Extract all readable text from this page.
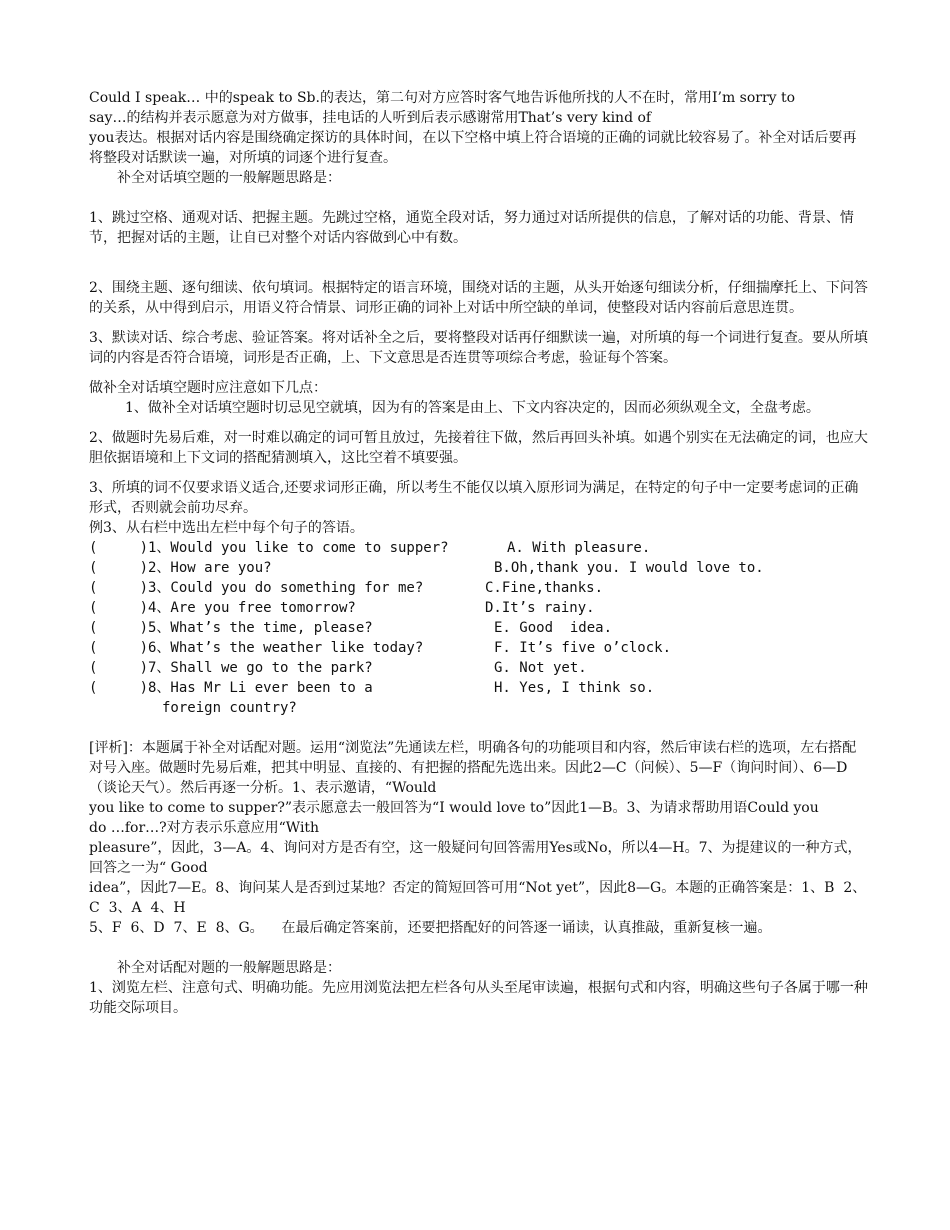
Could I speak… 中的speak to Sb.的表达，第二句对方应答时客气地告诉他所找的人不在时，常用I’m sorry to

say…的结构并表示愿意为对方做事，挂电话的人听到后表示感谢常用That’s very kind of

you表达。根据对话内容是围绕确定探访的具体时间，在以下空格中填上符合语境的正确的词就比较容易了。补全对话后要再将整段对话默读一遍，对所填的词逐个进行复查。

补全对话填空题的一般解题思路是：

1、跳过空格、通观对话、把握主题。先跳过空格，通览全段对话，努力通过对话所提供的信息，了解对话的功能、背景、情节，把握对话的主题，让自已对整个对话内容做到心中有数。

2、围绕主题、逐句细读、依句填词。根据特定的语言环境，围绕对话的主题，从头开始逐句细读分析，仔细揣摩托上、下问答的关系，从中得到启示，用语义符合情景、词形正确的词补上对话中所空缺的单词，使整段对话内容前后意思连贯。

3、默读对话、综合考虑、验证答案。将对话补全之后，要将整段对话再仔细默读一遍，对所填的每一个词进行复查。要从所填词的内容是否符合语境，词形是否正确，上、下文意思是否连贯等项综合考虑，验证每个答案。

做补全对话填空题时应注意如下几点：

1、做补全对话填空题时切忌见空就填，因为有的答案是由上、下文内容决定的，因而必须纵观全文，全盘考虑。

2、做题时先易后难，对一时难以确定的词可暂且放过，先接着往下做，然后再回头补填。如遇个别实在无法确定的词，也应大胆依据语境和上下文词的搭配猜测填入，这比空着不填要强。

3、所填的词不仅要求语义适合,还要求词形正确，所以考生不能仅以填入原形词为满足，在特定的句子中一定要考虑词的正确形式，否则就会前功尽弃。

例3、从右栏中选出左栏中每个句子的答语。

(     )1、Would you like to come to supper?	A. With pleasure.
(     )2、How are you?	B.Oh,thank you. I would love to.
(     )3、Could you do something for me?	C.Fine,thanks.
(     )4、Are you free tomorrow?	D.It’s rainy.
(     )5、What’s the time, please?	E. Good  idea.
(     )6、What’s the weather like today?	F. It’s five o’clock.
(     )7、Shall we go to the park?	G. Not yet.
(     )8、Has Mr Li ever been to a	H. Yes, I think so.
foreign country?

[评析]：本题属于补全对话配对题。运用“浏览法”先通读左栏，明确各句的功能项目和内容，然后审读右栏的选项，左右搭配对号入座。做题时先易后难，把其中明显、直接的、有把握的搭配先选出来。因此2—C（问候）、5—F（询问时间）、6—D（谈论天气）。然后再逐一分析。1、表示邀请，“Would

you like to come to supper?”表示愿意去一般回答为“I would love to”因此1—B。3、为请求帮助用语Could you

do …for…?对方表示乐意应用“With

pleasure”，因此，3—A。4、询问对方是否有空，这一般疑问句回答需用Yes或No，所以4—H。7、为提建议的一种方式，回答之一为“ Good

idea”，因此7—E。8、询问某人是否到过某地？否定的简短回答可用“Not yet”，因此8—G。本题的正确答案是：1、B  2、C  3、A  4、H

5、F  6、D  7、E  8、G。    在最后确定答案前，还要把搭配好的问答逐一诵读，认真推敲，重新复核一遍。

补全对话配对题的一般解题思路是：

1、浏览左栏、注意句式、明确功能。先应用浏览法把左栏各句从头至尾审读遍，根据句式和内容，明确这些句子各属于哪一种功能交际项目。
